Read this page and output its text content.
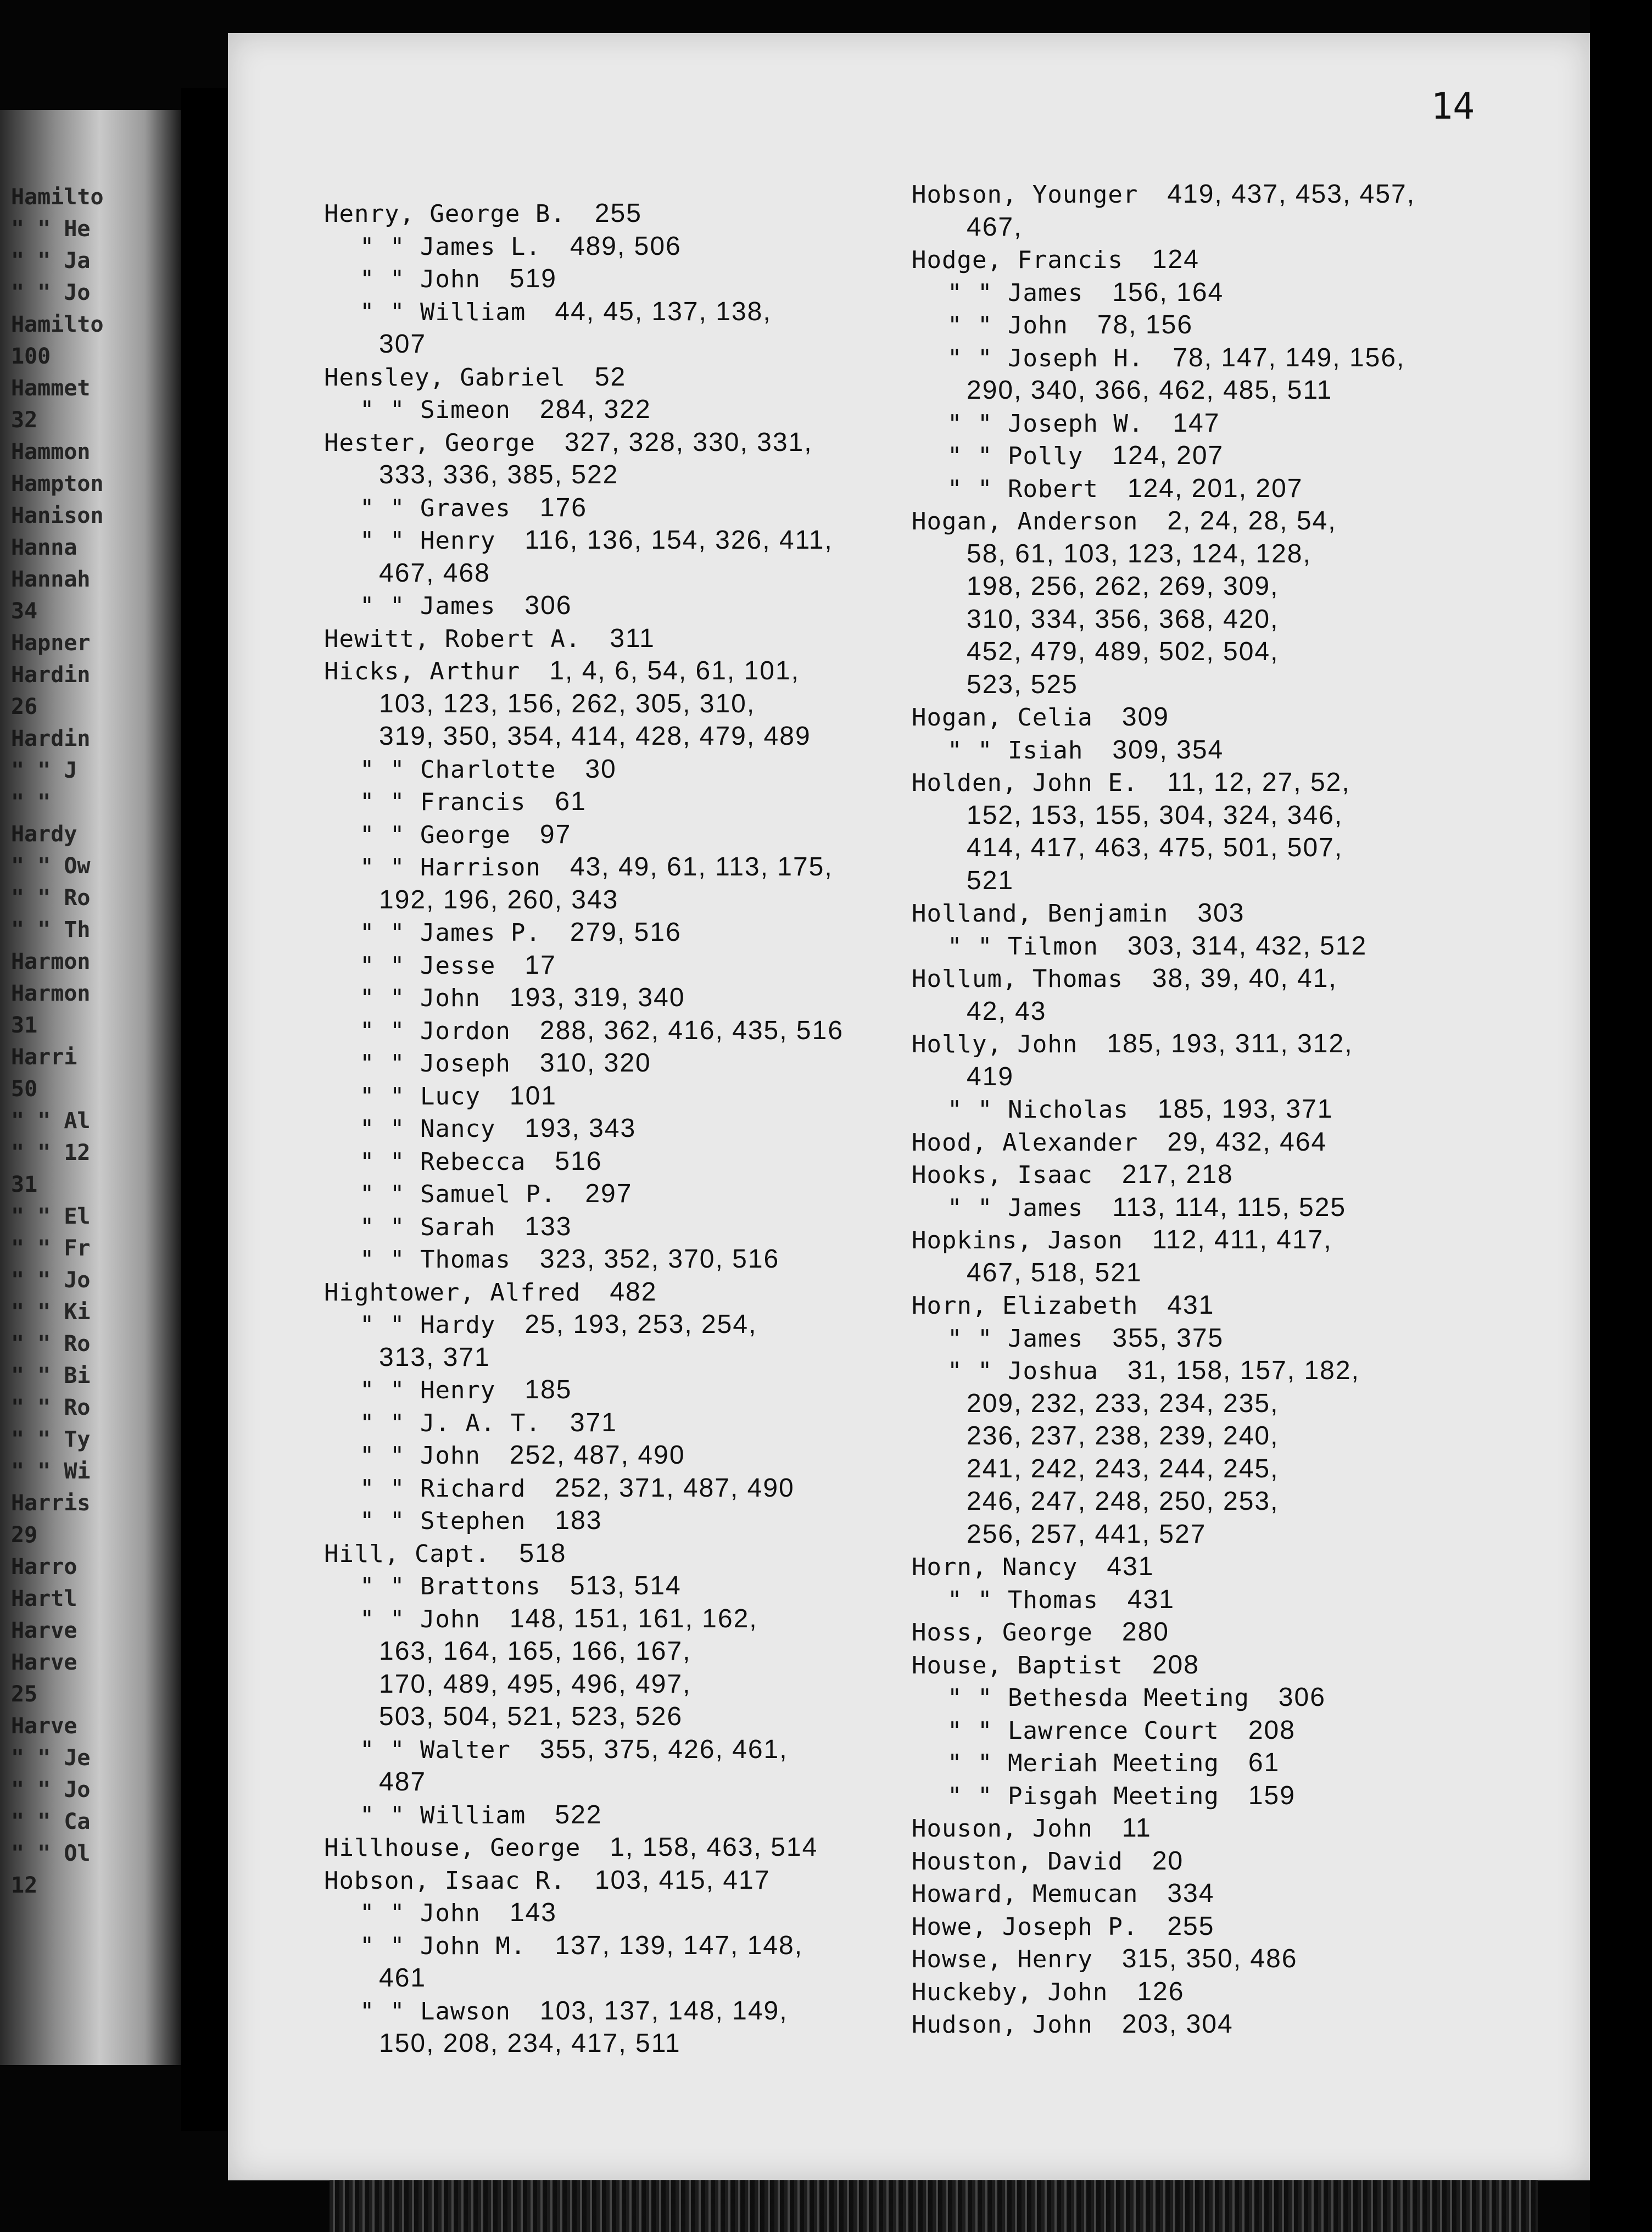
Hamilto
" " He
" " Ja
" " Jo
Hamilto
100
Hammet
32
Hammon
Hampton
Hanison
Hanna
Hannah
34
Hapner
Hardin
26
Hardin
" " J
" "
Hardy
" " Ow
" " Ro
" " Th
Harmon
Harmon
31
Harri
50
" " Al
" " 12
31
" " El
" " Fr
" " Jo
" " Ki
" " Ro
" " Bi
" " Ro
" " Ty
" " Wi
Harris
29
Harro
Hartl
Harve
Harve
25
Harve
" " Je
" " Jo
" " Ca
" " Ol
12
14
Henry, George B. 255
" " James L. 489, 506
" " John 519
" " William 44, 45, 137, 138,
307
Hensley, Gabriel 52
" " Simeon 284, 322
Hester, George 327, 328, 330, 331,
333, 336, 385, 522
" " Graves 176
" " Henry 116, 136, 154, 326, 411,
467, 468
" " James 306
Hewitt, Robert A. 311
Hicks, Arthur 1, 4, 6, 54, 61, 101,
103, 123, 156, 262, 305, 310,
319, 350, 354, 414, 428, 479, 489
" " Charlotte 30
" " Francis 61
" " George 97
" " Harrison 43, 49, 61, 113, 175,
192, 196, 260, 343
" " James P. 279, 516
" " Jesse 17
" " John 193, 319, 340
" " Jordon 288, 362, 416, 435, 516
" " Joseph 310, 320
" " Lucy 101
" " Nancy 193, 343
" " Rebecca 516
" " Samuel P. 297
" " Sarah 133
" " Thomas 323, 352, 370, 516
Hightower, Alfred 482
" " Hardy 25, 193, 253, 254,
313, 371
" " Henry 185
" " J. A. T. 371
" " John 252, 487, 490
" " Richard 252, 371, 487, 490
" " Stephen 183
Hill, Capt. 518
" " Brattons 513, 514
" " John 148, 151, 161, 162,
163, 164, 165, 166, 167,
170, 489, 495, 496, 497,
503, 504, 521, 523, 526
" " Walter 355, 375, 426, 461,
487
" " William 522
Hillhouse, George 1, 158, 463, 514
Hobson, Isaac R. 103, 415, 417
" " John 143
" " John M. 137, 139, 147, 148,
461
" " Lawson 103, 137, 148, 149,
150, 208, 234, 417, 511
Hobson, Younger 419, 437, 453, 457,
467,
Hodge, Francis 124
" " James 156, 164
" " John 78, 156
" " Joseph H. 78, 147, 149, 156,
290, 340, 366, 462, 485, 511
" " Joseph W. 147
" " Polly 124, 207
" " Robert 124, 201, 207
Hogan, Anderson 2, 24, 28, 54,
58, 61, 103, 123, 124, 128,
198, 256, 262, 269, 309,
310, 334, 356, 368, 420,
452, 479, 489, 502, 504,
523, 525
Hogan, Celia 309
" " Isiah 309, 354
Holden, John E. 11, 12, 27, 52,
152, 153, 155, 304, 324, 346,
414, 417, 463, 475, 501, 507,
521
Holland, Benjamin 303
" " Tilmon 303, 314, 432, 512
Hollum, Thomas 38, 39, 40, 41,
42, 43
Holly, John 185, 193, 311, 312,
419
" " Nicholas 185, 193, 371
Hood, Alexander 29, 432, 464
Hooks, Isaac 217, 218
" " James 113, 114, 115, 525
Hopkins, Jason 112, 411, 417,
467, 518, 521
Horn, Elizabeth 431
" " James 355, 375
" " Joshua 31, 158, 157, 182,
209, 232, 233, 234, 235,
236, 237, 238, 239, 240,
241, 242, 243, 244, 245,
246, 247, 248, 250, 253,
256, 257, 441, 527
Horn, Nancy 431
" " Thomas 431
Hoss, George 280
House, Baptist 208
" " Bethesda Meeting 306
" " Lawrence Court 208
" " Meriah Meeting 61
" " Pisgah Meeting 159
Houson, John 11
Houston, David 20
Howard, Memucan 334
Howe, Joseph P. 255
Howse, Henry 315, 350, 486
Huckeby, John 126
Hudson, John 203, 304
